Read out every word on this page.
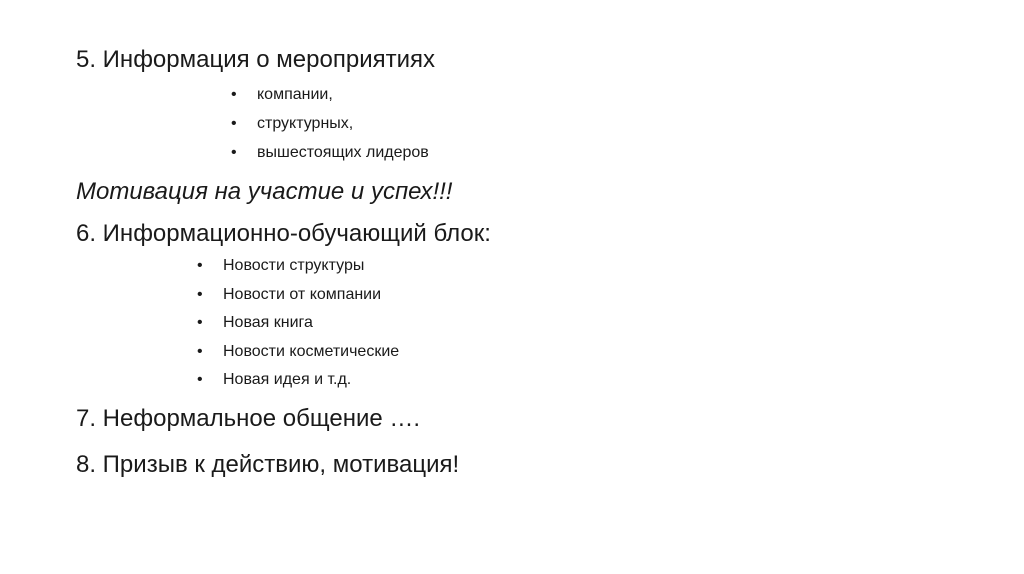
5. Информация о мероприятиях
• компании,
• структурных,
• вышестоящих лидеров
Мотивация на участие и успех!!!
6. Информационно-обучающий блок:
• Новости структуры
• Новости от компании
• Новая книга
• Новости косметические
• Новая идея и т.д.
7. Неформальное общение ….
8. Призыв к действию, мотивация!
